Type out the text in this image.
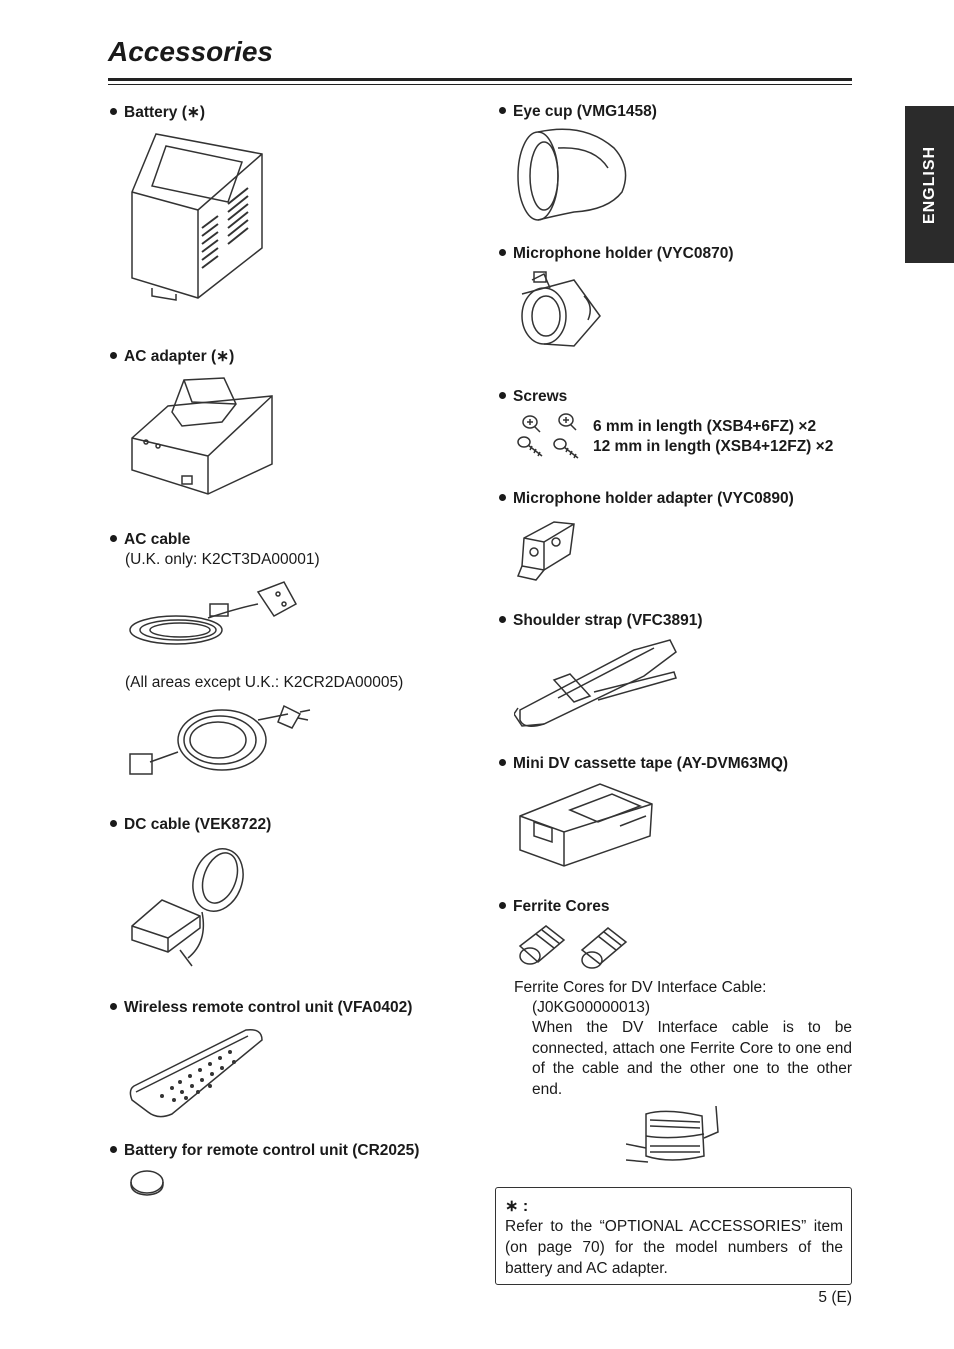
Accessories
ENGLISH
Battery (∗)
AC adapter (∗)
AC cable
(U.K. only: K2CT3DA00001)
(All areas except U.K.: K2CR2DA00005)
DC cable (VEK8722)
Wireless remote control unit (VFA0402)
Battery for remote control unit (CR2025)
Eye cup (VMG1458)
Microphone holder (VYC0870)
Screws
6 mm in length (XSB4+6FZ) ×2
12 mm in length (XSB4+12FZ) ×2
Microphone holder adapter (VYC0890)
Shoulder strap (VFC3891)
Mini DV cassette tape (AY-DVM63MQ)
Ferrite Cores
Ferrite Cores for DV Interface Cable:
(J0KG00000013)
When the DV Interface cable is to be connected, attach one Ferrite Core to one end of the cable and the other one to the other end.
∗ :
Refer to the “OPTIONAL ACCESSORIES” item (on page 70) for the model numbers of the battery and AC adapter.
5 (E)
